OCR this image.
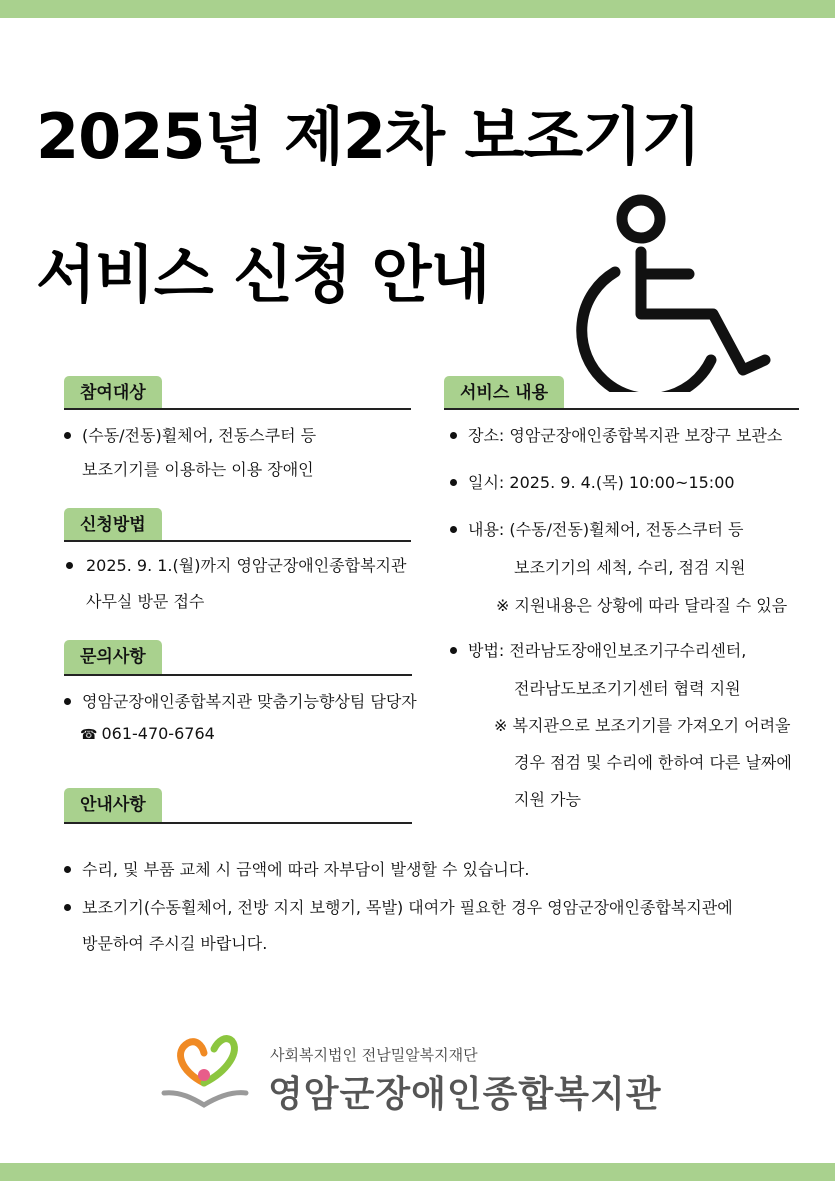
2025년 제2차 보조기기
서비스 신청 안내
참여대상
(수동/전동)휠체어, 전동스쿠터 등
보조기기를 이용하는 이용 장애인
신청방법
2025. 9. 1.(월)까지 영암군장애인종합복지관
사무실 방문 접수
문의사항
영암군장애인종합복지관 맞춤기능향상팀 담당자
☎ 061-470-6764
안내사항
서비스 내용
장소: 영암군장애인종합복지관 보장구 보관소
일시: 2025. 9. 4.(목) 10:00~15:00
내용: (수동/전동)휠체어, 전동스쿠터 등
보조기기의 세척, 수리, 점검 지원
※ 지원내용은 상황에 따라 달라질 수 있음
방법: 전라남도장애인보조기구수리센터,
전라남도보조기기센터 협력 지원
※ 복지관으로 보조기기를 가져오기 어려울
경우 점검 및 수리에 한하여 다른 날짜에
지원 가능
수리, 및 부품 교체 시 금액에 따라 자부담이 발생할 수 있습니다.
보조기기(수동휠체어, 전방 지지 보행기, 목발) 대여가 필요한 경우 영암군장애인종합복지관에
방문하여 주시길 바랍니다.
사회복지법인 전남밀알복지재단
영암군장애인종합복지관
